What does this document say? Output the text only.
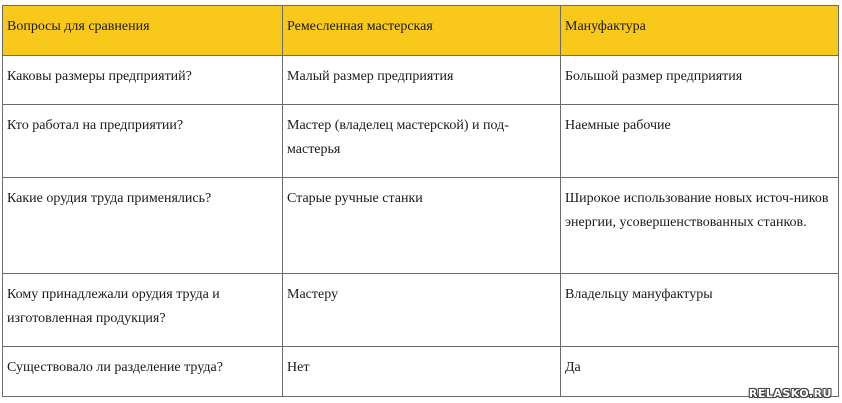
Вопросы для сравнения	Ремесленная мастерская	Мануфактура
Каковы размеры предприятий?	Малый размер предприятия	Большой размер предприятия
Кто работал на предприятии?	Мастер (владелец мастерской) и под-мастерья	Наемные рабочие
Какие орудия труда применялись?	Старые ручные станки	Широкое использование новых источ-ников энергии, усовершенствованных станков.
Кому принадлежали орудия труда и изготовленная продукция?	Мастеру	Владельцу мануфактуры
Существовало ли разделение труда?	Нет	Да
RELASKO.RU
